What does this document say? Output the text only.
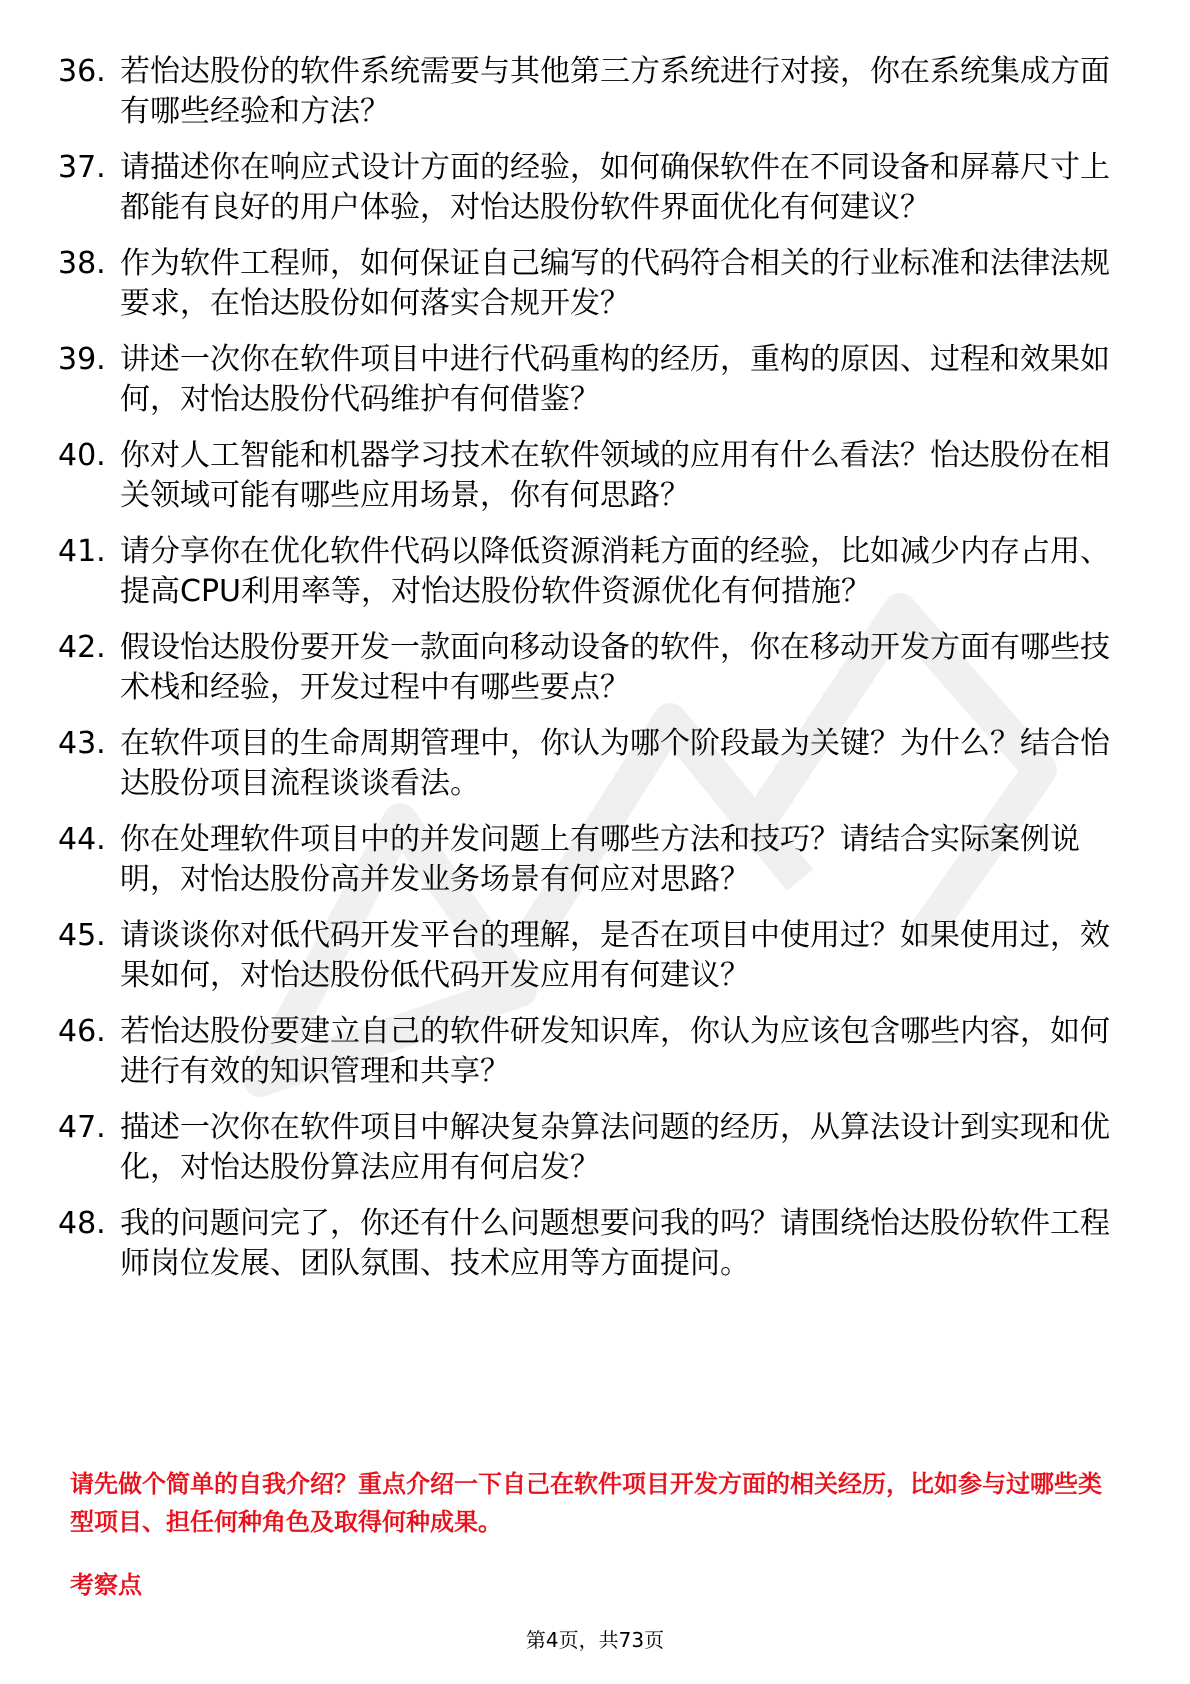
36. 若怡达股份的软件系统需要与其他第三方系统进行对接，你在系统集成方面有哪些经验和方法？
37. 请描述你在响应式设计方面的经验，如何确保软件在不同设备和屏幕尺寸上都能有良好的用户体验，对怡达股份软件界面优化有何建议？
38. 作为软件工程师，如何保证自己编写的代码符合相关的行业标准和法律法规要求，在怡达股份如何落实合规开发？
39. 讲述一次你在软件项目中进行代码重构的经历，重构的原因、过程和效果如何，对怡达股份代码维护有何借鉴？
40. 你对人工智能和机器学习技术在软件领域的应用有什么看法？怡达股份在相关领域可能有哪些应用场景，你有何思路？
41. 请分享你在优化软件代码以降低资源消耗方面的经验，比如减少内存占用、提高CPU利用率等，对怡达股份软件资源优化有何措施？
42. 假设怡达股份要开发一款面向移动设备的软件，你在移动开发方面有哪些技术栈和经验，开发过程中有哪些要点？
43. 在软件项目的生命周期管理中，你认为哪个阶段最为关键？为什么？结合怡达股份项目流程谈谈看法。
44. 你在处理软件项目中的并发问题上有哪些方法和技巧？请结合实际案例说明，对怡达股份高并发业务场景有何应对思路？
45. 请谈谈你对低代码开发平台的理解，是否在项目中使用过？如果使用过，效果如何，对怡达股份低代码开发应用有何建议？
46. 若怡达股份要建立自己的软件研发知识库，你认为应该包含哪些内容，如何进行有效的知识管理和共享？
47. 描述一次你在软件项目中解决复杂算法问题的经历，从算法设计到实现和优化，对怡达股份算法应用有何启发？
48. 我的问题问完了，你还有什么问题想要问我的吗？请围绕怡达股份软件工程师岗位发展、团队氛围、技术应用等方面提问。
请先做个简单的自我介绍？重点介绍一下自己在软件项目开发方面的相关经历，比如参与过哪些类型项目、担任何种角色及取得何种成果。
考察点
第4页，共73页
